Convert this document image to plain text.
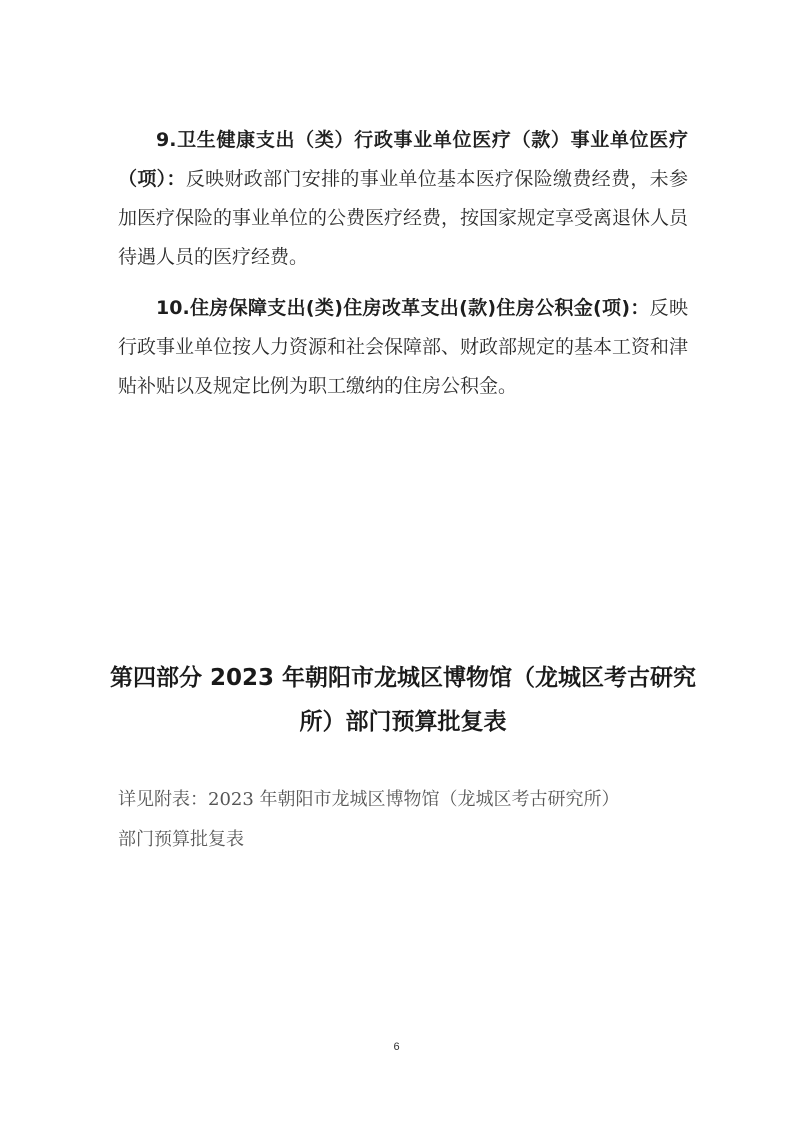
9.卫生健康支出（类）行政事业单位医疗（款）事业单位医疗（项）：反映财政部门安排的事业单位基本医疗保险缴费经费，未参加医疗保险的事业单位的公费医疗经费，按国家规定享受离退休人员待遇人员的医疗经费。

10.住房保障支出(类)住房改革支出(款)住房公积金(项)：反映行政事业单位按人力资源和社会保障部、财政部规定的基本工资和津贴补贴以及规定比例为职工缴纳的住房公积金。

第四部分 2023 年朝阳市龙城区博物馆（龙城区考古研究
所）部门预算批复表

详见附表：2023 年朝阳市龙城区博物馆（龙城区考古研究所）
部门预算批复表

6
